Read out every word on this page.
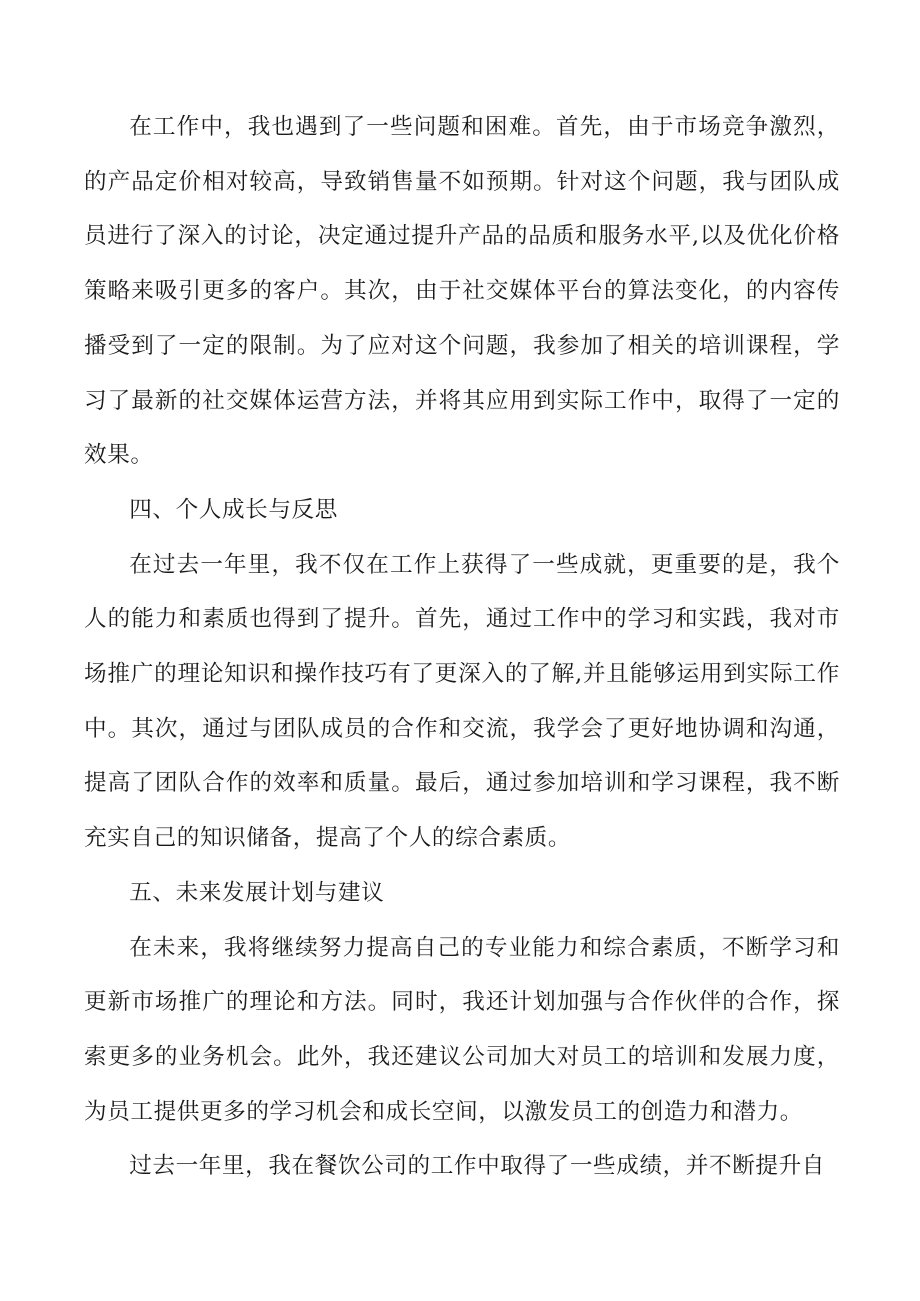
在工作中，我也遇到了一些问题和困难。首先，由于市场竞争激烈，的产品定价相对较高，导致销售量不如预期。针对这个问题，我与团队成员进行了深入的讨论，决定通过提升产品的品质和服务水平,以及优化价格策略来吸引更多的客户。其次，由于社交媒体平台的算法变化，的内容传播受到了一定的限制。为了应对这个问题，我参加了相关的培训课程，学习了最新的社交媒体运营方法，并将其应用到实际工作中，取得了一定的效果。

四、个人成长与反思

在过去一年里，我不仅在工作上获得了一些成就，更重要的是，我个人的能力和素质也得到了提升。首先，通过工作中的学习和实践，我对市场推广的理论知识和操作技巧有了更深入的了解,并且能够运用到实际工作中。其次，通过与团队成员的合作和交流，我学会了更好地协调和沟通，提高了团队合作的效率和质量。最后，通过参加培训和学习课程，我不断充实自己的知识储备，提高了个人的综合素质。

五、未来发展计划与建议

在未来，我将继续努力提高自己的专业能力和综合素质，不断学习和更新市场推广的理论和方法。同时，我还计划加强与合作伙伴的合作，探索更多的业务机会。此外，我还建议公司加大对员工的培训和发展力度，为员工提供更多的学习机会和成长空间，以激发员工的创造力和潜力。

过去一年里，我在餐饮公司的工作中取得了一些成绩，并不断提升自
